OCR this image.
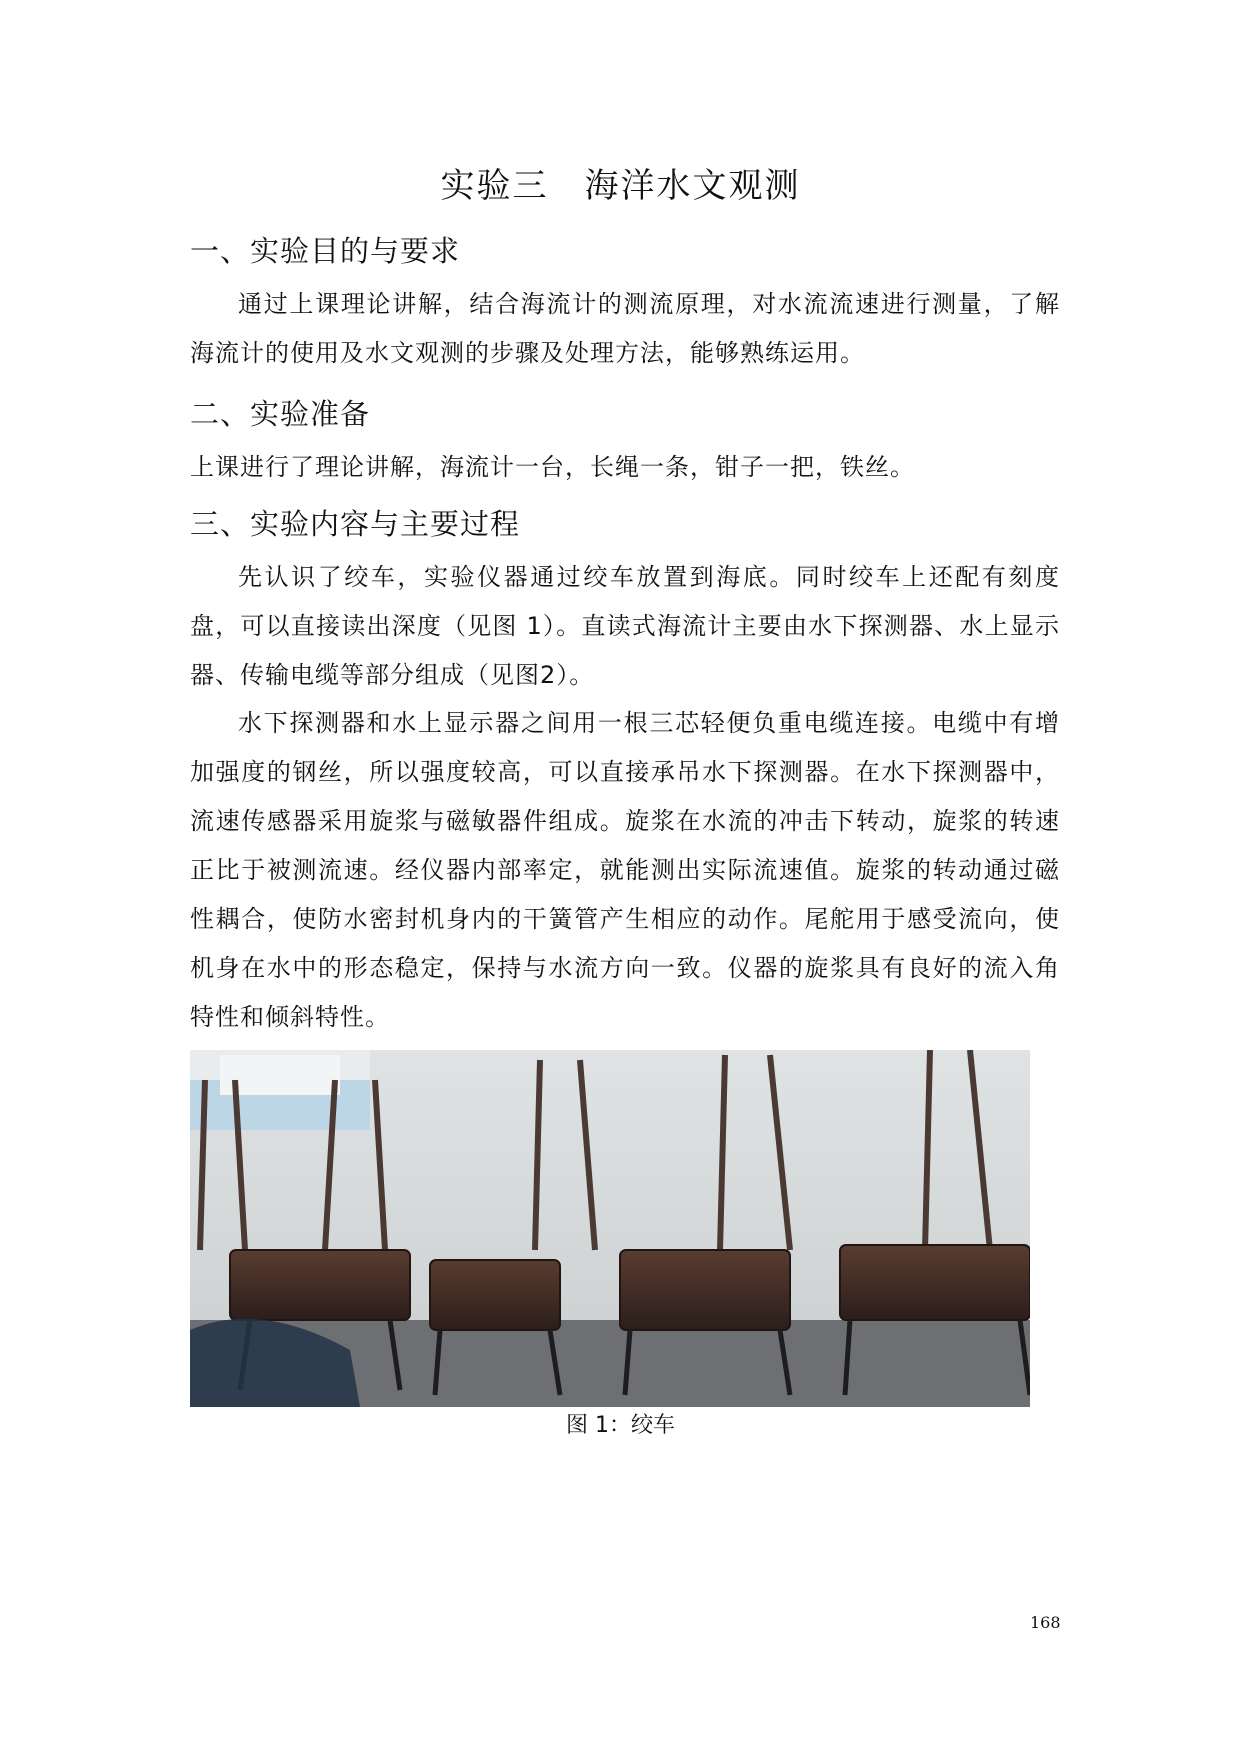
实验三　海洋水文观测
一、实验目的与要求
通过上课理论讲解，结合海流计的测流原理，对水流流速进行测量，了解海流计的使用及水文观测的步骤及处理方法，能够熟练运用。
二、实验准备
上课进行了理论讲解，海流计一台，长绳一条，钳子一把，铁丝。
三、实验内容与主要过程
先认识了绞车，实验仪器通过绞车放置到海底。同时绞车上还配有刻度盘，可以直接读出深度（见图 1）。直读式海流计主要由水下探测器、水上显示器、传输电缆等部分组成（见图2）。
水下探测器和水上显示器之间用一根三芯轻便负重电缆连接。电缆中有增加强度的钢丝，所以强度较高，可以直接承吊水下探测器。在水下探测器中，流速传感器采用旋浆与磁敏器件组成。旋浆在水流的冲击下转动，旋浆的转速正比于被测流速。经仪器内部率定，就能测出实际流速值。旋浆的转动通过磁性耦合，使防水密封机身内的干簧管产生相应的动作。尾舵用于感受流向，使机身在水中的形态稳定，保持与水流方向一致。仪器的旋浆具有良好的流入角特性和倾斜特性。
图 1：绞车
168
